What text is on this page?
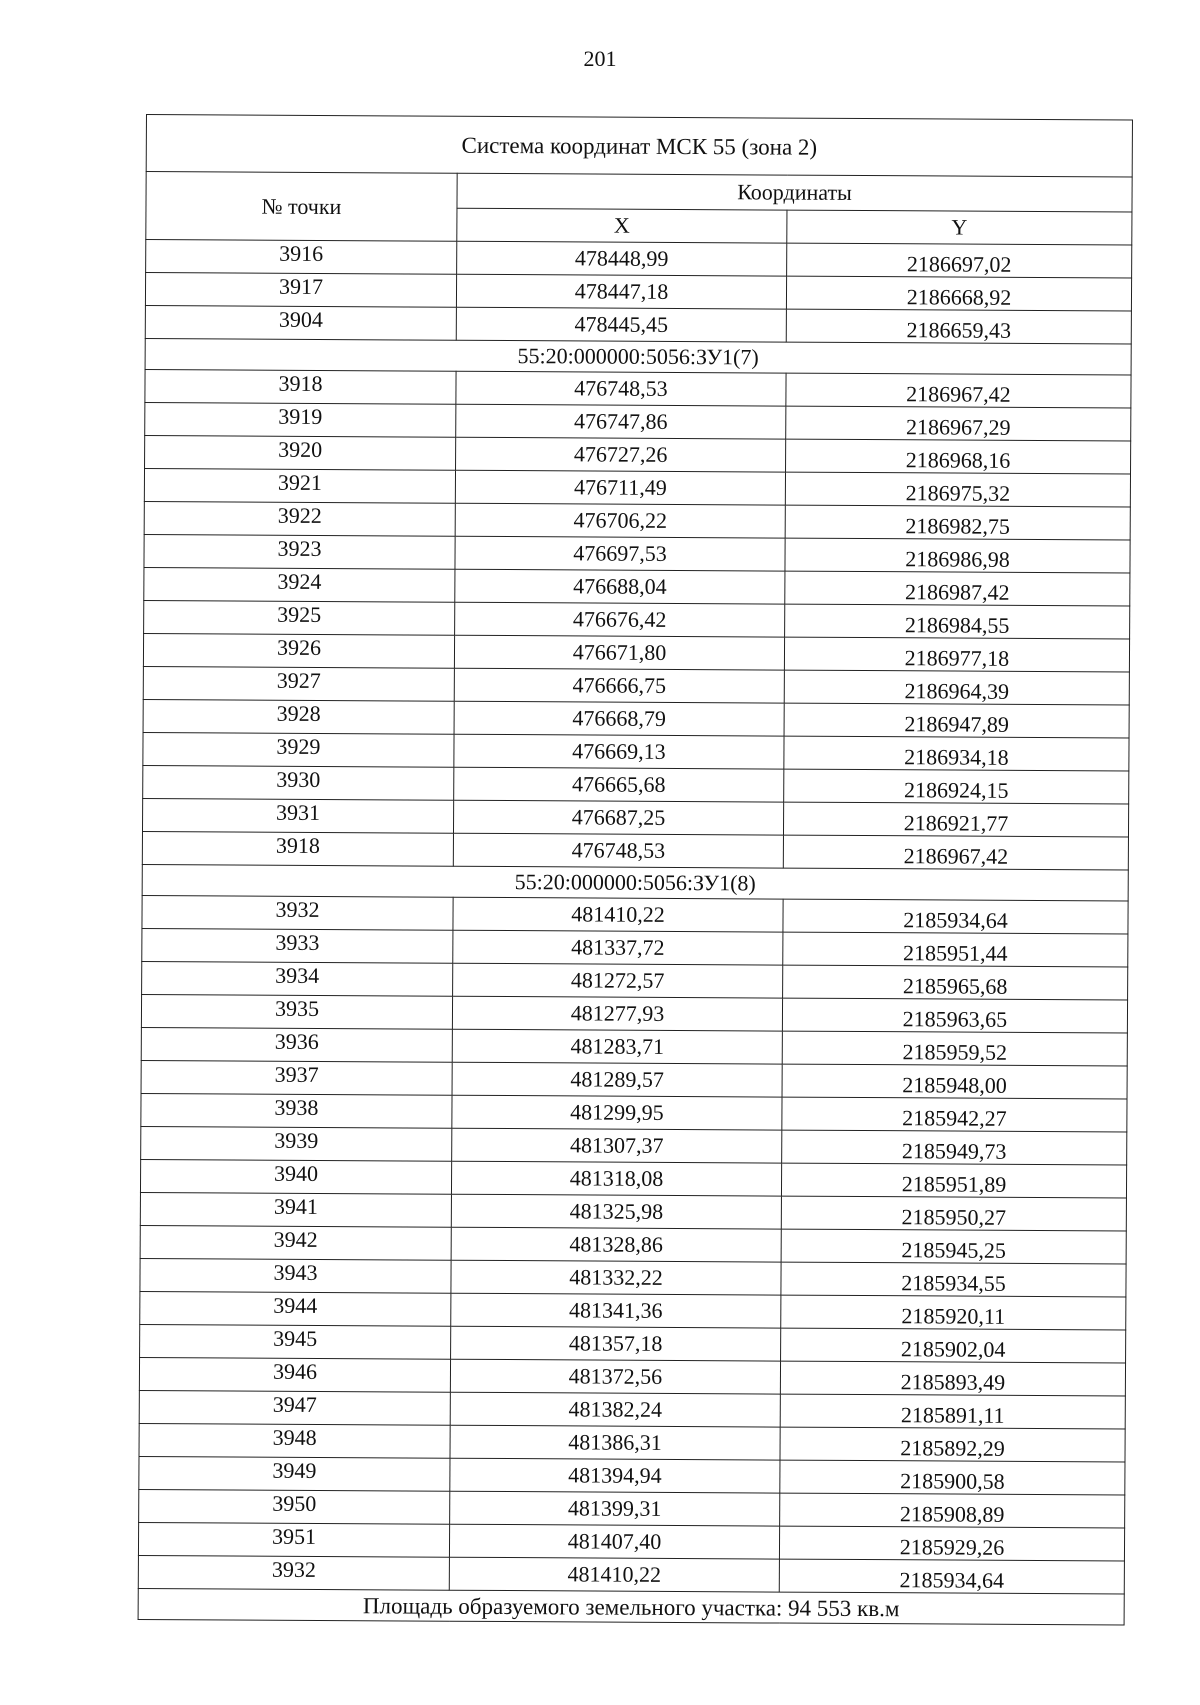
201
Система координат МСК 55 (зона 2)		
№ точки	Координаты	
	X	Y
3916	478448,99	2186697,02
3917	478447,18	2186668,92
3904	478445,45	2186659,43
55:20:000000:5056:ЗУ1(7)		
3918	476748,53	2186967,42
3919	476747,86	2186967,29
3920	476727,26	2186968,16
3921	476711,49	2186975,32
3922	476706,22	2186982,75
3923	476697,53	2186986,98
3924	476688,04	2186987,42
3925	476676,42	2186984,55
3926	476671,80	2186977,18
3927	476666,75	2186964,39
3928	476668,79	2186947,89
3929	476669,13	2186934,18
3930	476665,68	2186924,15
3931	476687,25	2186921,77
3918	476748,53	2186967,42
55:20:000000:5056:ЗУ1(8)		
3932	481410,22	2185934,64
3933	481337,72	2185951,44
3934	481272,57	2185965,68
3935	481277,93	2185963,65
3936	481283,71	2185959,52
3937	481289,57	2185948,00
3938	481299,95	2185942,27
3939	481307,37	2185949,73
3940	481318,08	2185951,89
3941	481325,98	2185950,27
3942	481328,86	2185945,25
3943	481332,22	2185934,55
3944	481341,36	2185920,11
3945	481357,18	2185902,04
3946	481372,56	2185893,49
3947	481382,24	2185891,11
3948	481386,31	2185892,29
3949	481394,94	2185900,58
3950	481399,31	2185908,89
3951	481407,40	2185929,26
3932	481410,22	2185934,64
Площадь образуемого земельного участка: 94 553 кв.м		
